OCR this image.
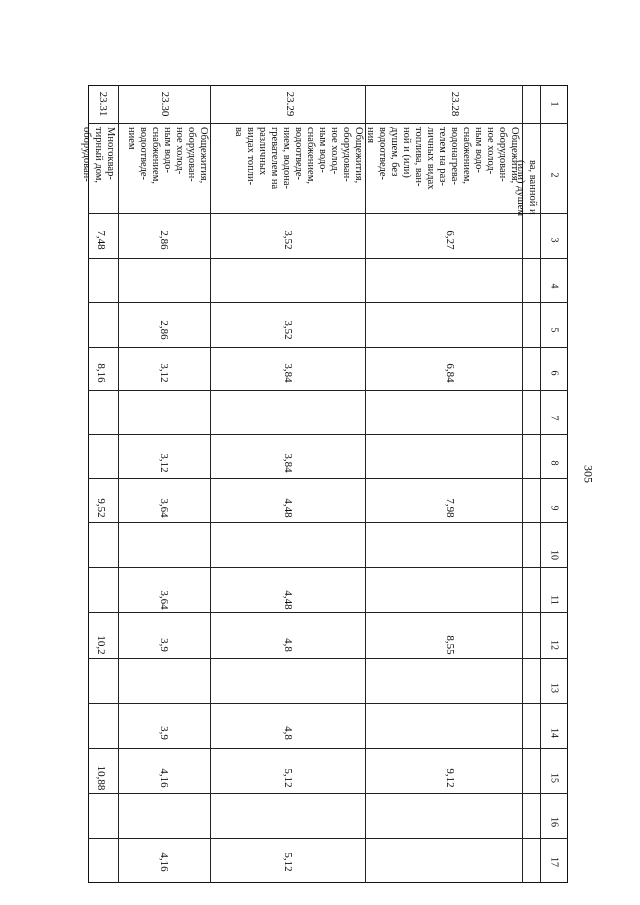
305
1
2
3
4
5
6
7
8
9
10
11
12
13
14
15
16
17
ва, ванной и
(или) душем
23.28
23.29
23.30
23.31
Общежития,
оборудован-
ное холод-
ным водо-
снабжением,
водонагрева-
телем на раз-
личных видах
топлива, ван-
ной и (или)
душем, без
водоотведе-
ния
Общежития,
оборудован-
ное холод-
ным водо-
снабжением,
водоотведе-
нием, водона-
гревателем на
различных
видах топли-
ва
Общежития,
оборудован-
ное холод-
ным водо-
снабжением,
водоотведе-
нием
Многоквар-
тирный дом,
оборудован-
6,27
6,84
7,98
8,55
9,12
3,52
3,52
3,84
3,84
4,48
4,48
4,8
4,8
5,12
5,12
2,86
2,86
3,12
3,12
3,64
3,64
3,9
3,9
4,16
4,16
7,48
8,16
9,52
10,2
10,88
